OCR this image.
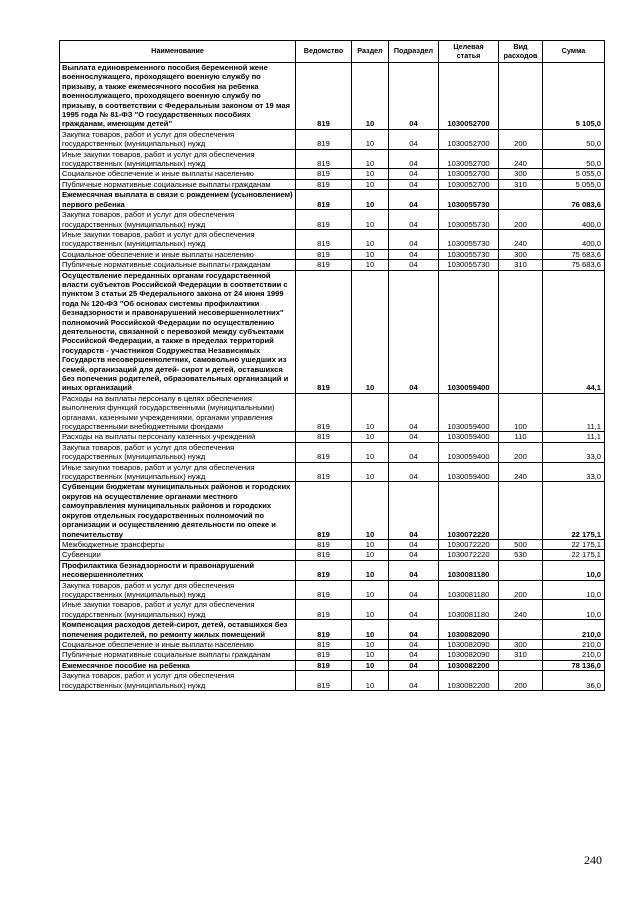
Наименование	Ведомство	Раздел	Подраздел	Целевая статья	Вид расходов	Сумма
Выплата единовременного пособия беременной жене военнослужащего, проходящего военную службу по призыву, а также ежемесячного пособия на ребенка военнослужащего, проходящего военную службу по призыву, в соответствии с Федеральным законом от 19 мая 1995 года № 81-ФЗ "О государственных пособиях гражданам, имеющим детей"	819	10	04	1030052700		5 105,0
Закупка товаров, работ и услуг для обеспечения государственных (муниципальных) нужд	819	10	04	1030052700	200	50,0
Иные закупки товаров, работ и услуг для обеспечения государственных (муниципальных) нужд	819	10	04	1030052700	240	50,0
Социальное обеспечение и иные выплаты населению	819	10	04	1030052700	300	5 055,0
Публичные нормативные социальные выплаты гражданам	819	10	04	1030052700	310	5 055,0
Ежемесячная выплата в связи с рождением (усыновлением) первого ребенка	819	10	04	1030055730		76 083,6
Закупка товаров, работ и услуг для обеспечения государственных (муниципальных) нужд	819	10	04	1030055730	200	400,0
Иные закупки товаров, работ и услуг для обеспечения государственных (муниципальных) нужд	819	10	04	1030055730	240	400,0
Социальное обеспечение и иные выплаты населению	819	10	04	1030055730	300	75 683,6
Публичные нормативные социальные выплаты гражданам	819	10	04	1030055730	310	75 683,6
Осуществление переданных органам государственной власти субъектов Российской Федерации в соответствии с пунктом 3 статьи 25 Федерального закона от 24 июня 1999 года № 120-ФЗ "Об основах системы профилактики безнадзорности и правонарушений несовершеннолетних" полномочий Российской Федерации по осуществлению деятельности, связанной с перевозкой между субъектами Российской Федерации, а также в пределах территорий государств - участников Содружества Независимых Государств несовершеннолетних, самовольно ушедших из семей, организаций для детей- сирот и детей, оставшихся без попечения родителей, образовательных организаций и иных организаций	819	10	04	1030059400		44,1
Расходы на выплаты персоналу в целях обеспечения выполнения функций государственными (муниципальными) органами, казенными учреждениями, органами управления государственными внебюджетными фондами	819	10	04	1030059400	100	11,1
Расходы на выплаты персоналу казенных учреждений	819	10	04	1030059400	110	11,1
Закупка товаров, работ и услуг для обеспечения государственных (муниципальных) нужд	819	10	04	1030059400	200	33,0
Иные закупки товаров, работ и услуг для обеспечения государственных (муниципальных) нужд	819	10	04	1030059400	240	33,0
Субвенции бюджетам муниципальных районов и городских округов на осуществление органами местного самоуправления муниципальных районов и городских округов отдельных государственных полномочий по организации и осуществлению деятельности по опеке и попечительству	819	10	04	1030072220		22 175,1
Межбюджетные трансферты	819	10	04	1030072220	500	22 175,1
Субвенции	819	10	04	1030072220	530	22 175,1
Профилактика безнадзорности и правонарушений несовершеннолетних	819	10	04	1030081180		10,0
Закупка товаров, работ и услуг для обеспечения государственных (муниципальных) нужд	819	10	04	1030081180	200	10,0
Иные закупки товаров, работ и услуг для обеспечения государственных (муниципальных) нужд	819	10	04	1030081180	240	10,0
Компенсация расходов детей-сирот, детей, оставшихся без попечения родителей, по ремонту жилых помещений	819	10	04	1030082090		210,0
Социальное обеспечение и иные выплаты населению	819	10	04	1030082090	300	210,0
Публичные нормативные социальные выплаты гражданам	819	10	04	1030082090	310	210,0
Ежемесячное пособие на ребенка	819	10	04	1030082200		78 136,0
Закупка товаров, работ и услуг для обеспечения государственных (муниципальных) нужд	819	10	04	1030082200	200	36,0
240
